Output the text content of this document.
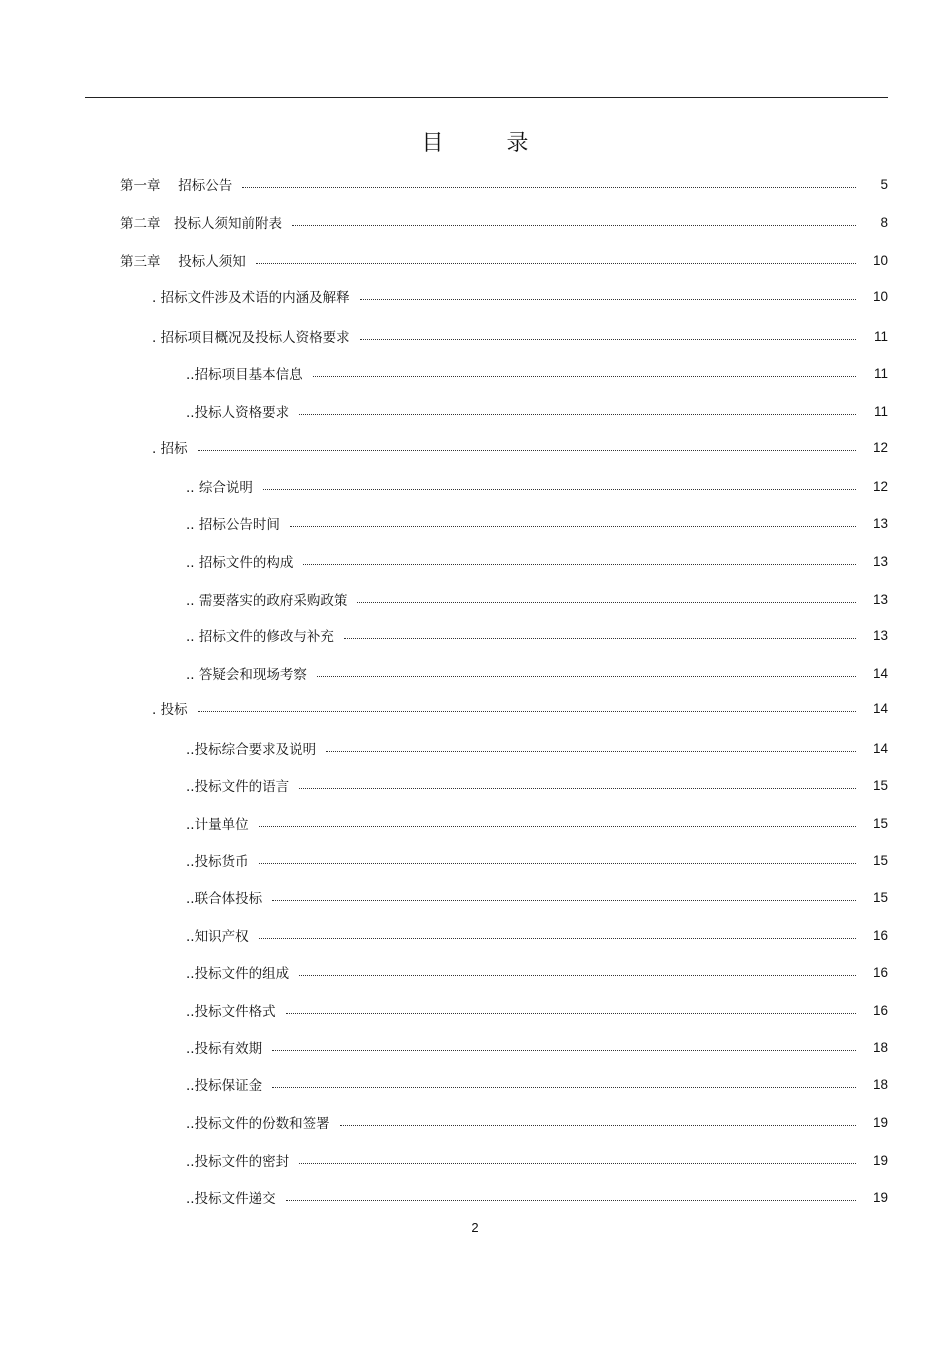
目 录
第一章　 招标公告	5
第二章　投标人须知前附表	8
第三章　 投标人须知	10
. 招标文件涉及术语的内涵及解释	10
. 招标项目概况及投标人资格要求	11
..招标项目基本信息	11
..投标人资格要求	11
. 招标	12
.. 综合说明	12
.. 招标公告时间	13
.. 招标文件的构成	13
.. 需要落实的政府采购政策	13
.. 招标文件的修改与补充	13
.. 答疑会和现场考察	14
. 投标	14
..投标综合要求及说明	14
..投标文件的语言	15
..计量单位	15
..投标货币	15
..联合体投标	15
..知识产权	16
..投标文件的组成	16
..投标文件格式	16
..投标有效期	18
..投标保证金	18
..投标文件的份数和签署	19
..投标文件的密封	19
..投标文件递交	19
2
